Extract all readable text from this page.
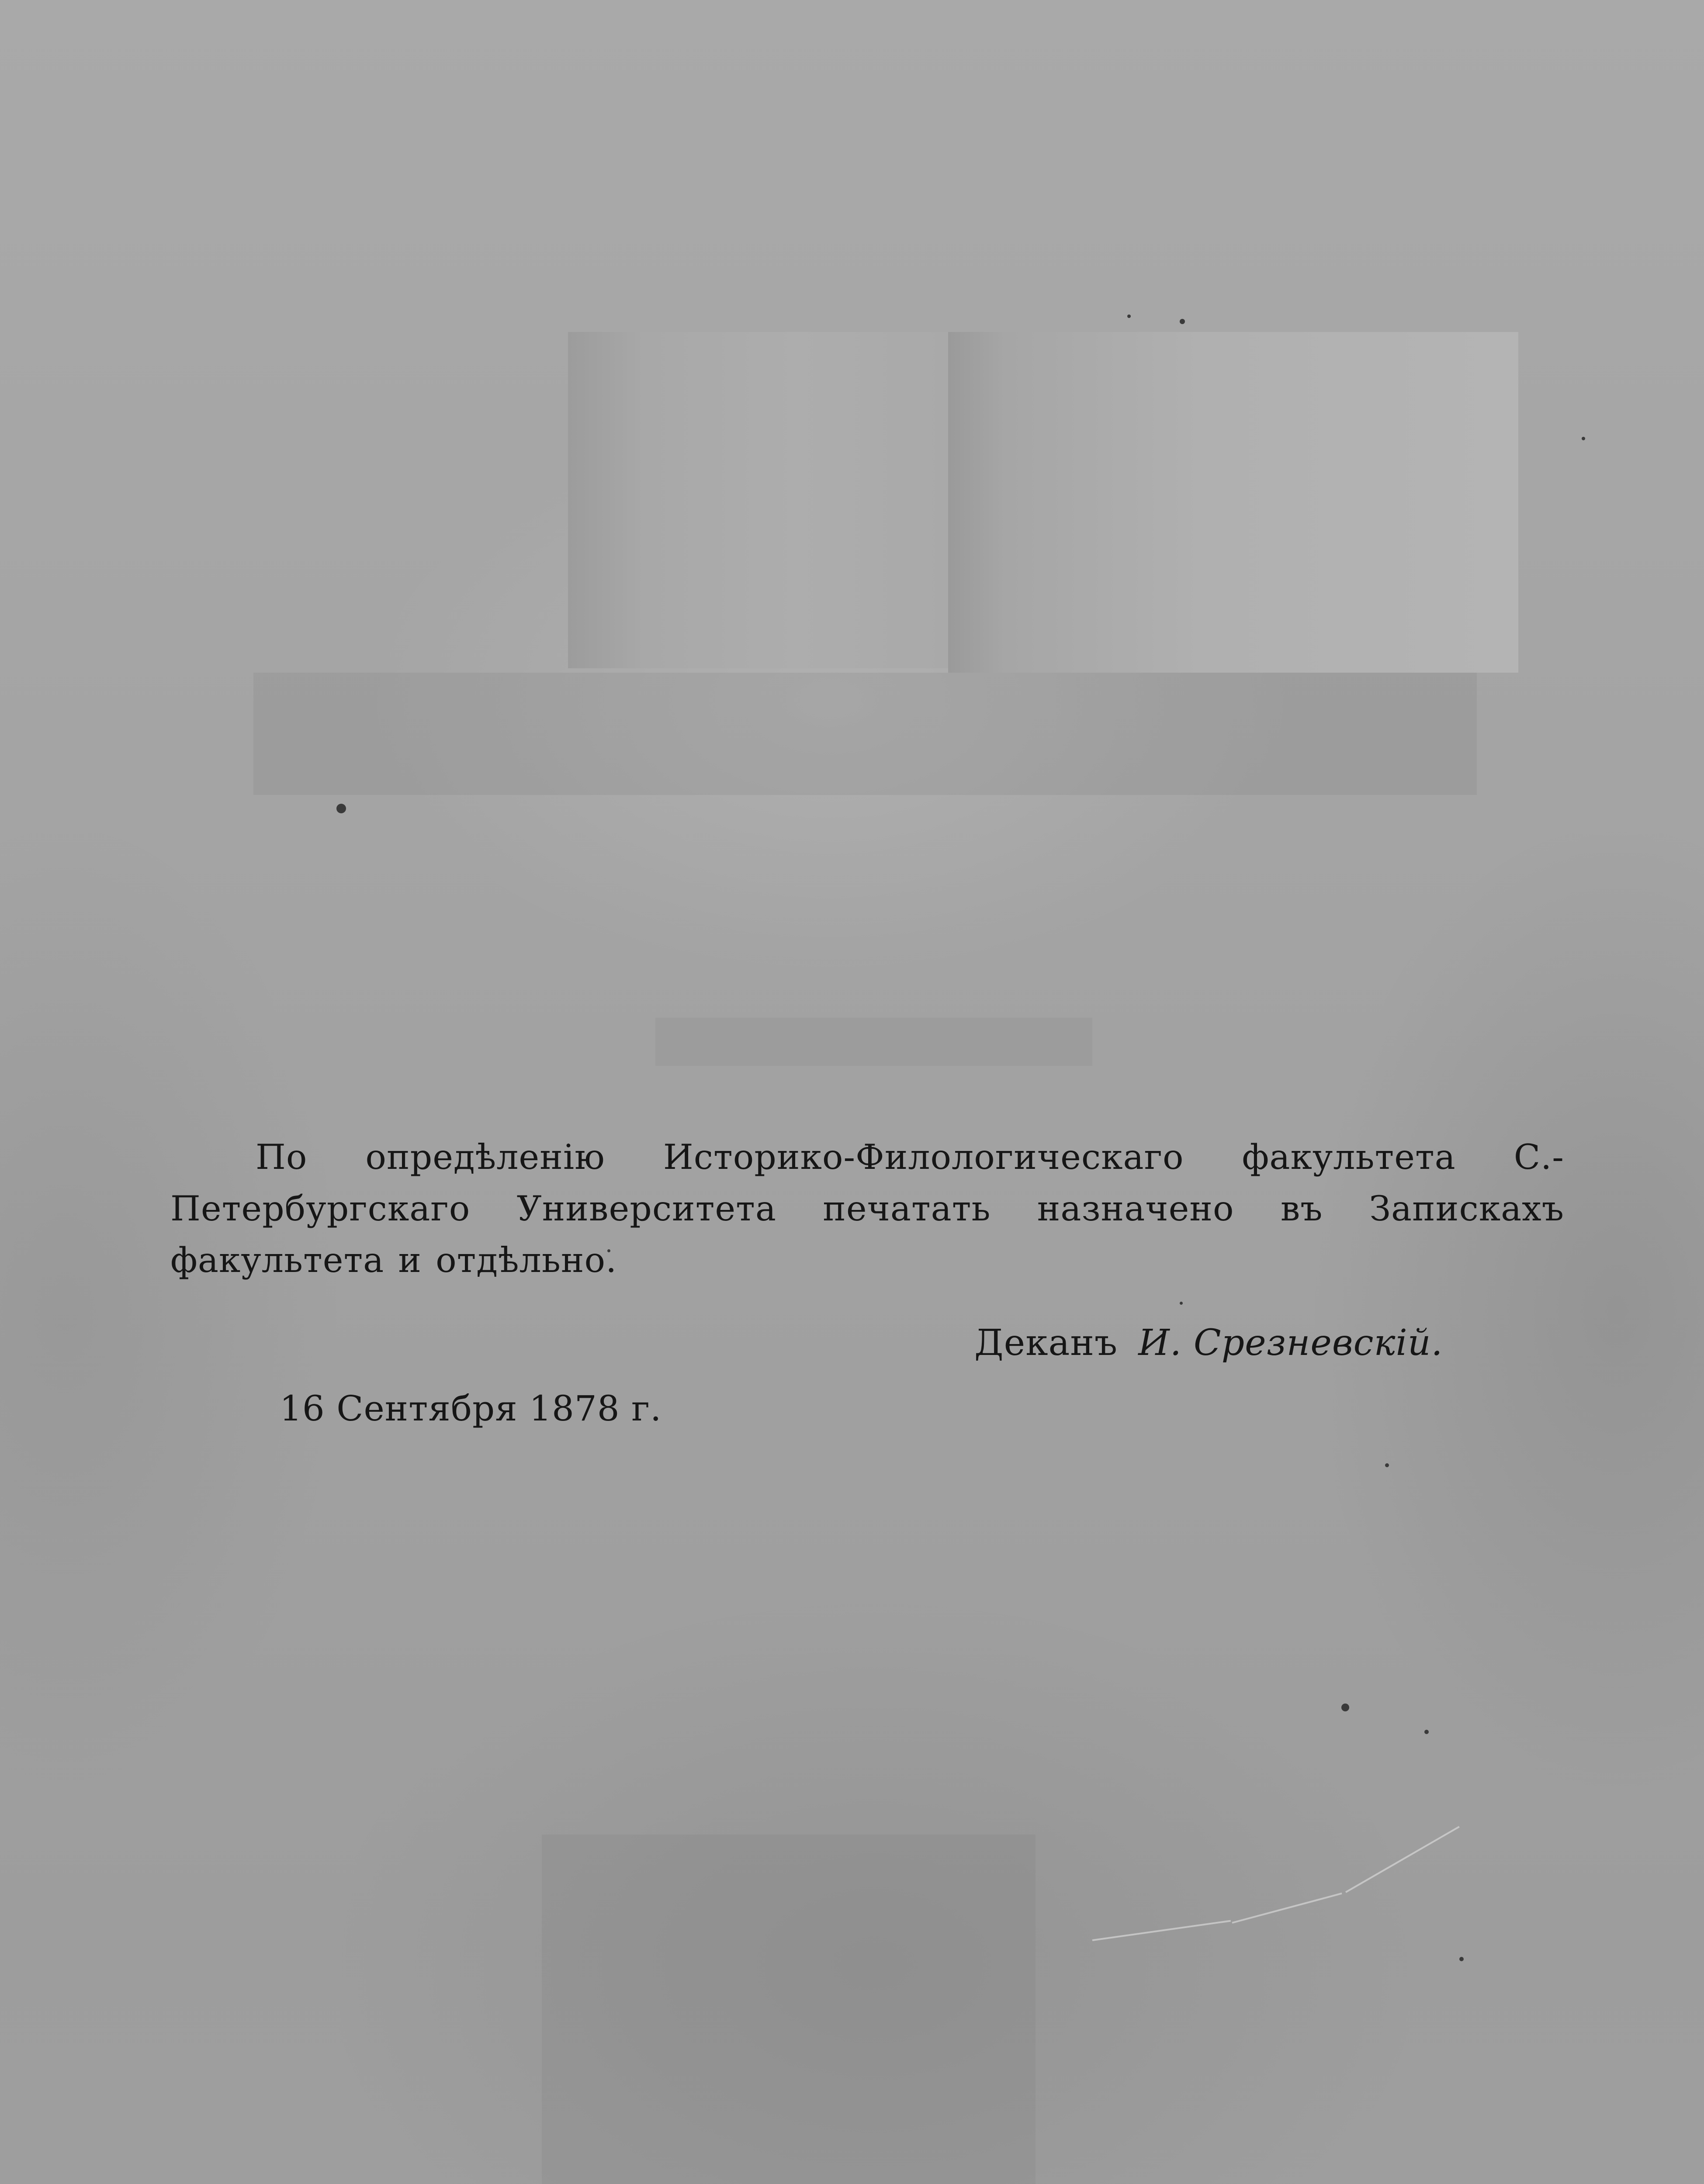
По опредѣленію Историко-Филологическаго факультета С.-Петербургскаго Университета печатать назначено въ Запискахъ факультета и отдѣльно.

Деканъ И. Срезневскій.
16 Сентября 1878 г.
